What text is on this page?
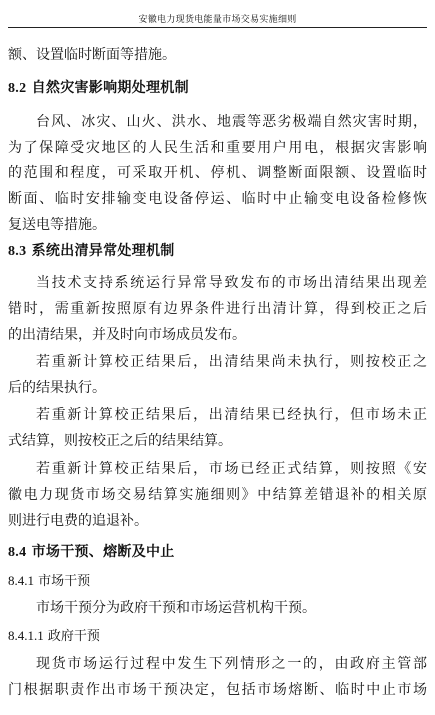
安徽电力现货电能量市场交易实施细则
额、设置临时断面等措施。
8.2 自然灾害影响期处理机制
台风、冰灾、山火、洪水、地震等恶劣极端自然灾害时期，
为了保障受灾地区的人民生活和重要用户用电，根据灾害影响
的范围和程度，可采取开机、停机、调整断面限额、设置临时
断面、临时安排输变电设备停运、临时中止输变电设备检修恢
复送电等措施。
8.3 系统出清异常处理机制
当技术支持系统运行异常导致发布的市场出清结果出现差
错时，需重新按照原有边界条件进行出清计算，得到校正之后
的出清结果，并及时向市场成员发布。
若重新计算校正结果后，出清结果尚未执行，则按校正之
后的结果执行。
若重新计算校正结果后，出清结果已经执行，但市场未正
式结算，则按校正之后的结果结算。
若重新计算校正结果后，市场已经正式结算，则按照《安
徽电力现货市场交易结算实施细则》中结算差错退补的相关原
则进行电费的追退补。
8.4 市场干预、熔断及中止
8.4.1 市场干预
市场干预分为政府干预和市场运营机构干预。
8.4.1.1 政府干预
现货市场运行过程中发生下列情形之一的，由政府主管部
门根据职责作出市场干预决定，包括市场熔断、临时中止市场
